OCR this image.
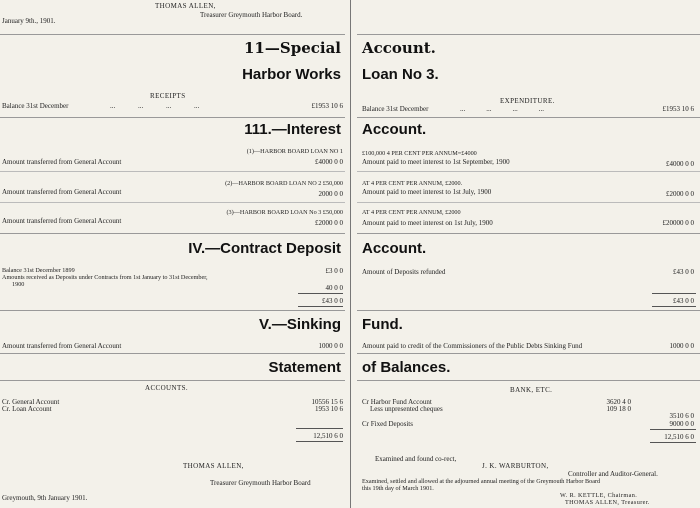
THOMAS ALLEN,
Treasurer Greymouth Harbor Board.
January 9th., 1901.
11—Special Account.
Harbor Works Loan No 3.
RECEIPTS
EXPENDITURE.
Balance 31st December	...             ...             ...             ...	£1953 10 6	Balance 31st December	...            ...            ...            ...	£1953 10 6
111.—Interest Account.
(1)—HARBOR BOARD LOAN NO 1	£100,000 4 PER CENT PER ANNUM=£4000
Amount transferred from General Account	£4000 0 0	Amount paid to meet interest to 1st September, 1900	£4000 0 0
(2)—HARBOR BOARD LOAN NO 2 £50,000	AT 4 PER CENT PER ANNUM, £2000.
Amount transferred from General Account	2000 0 0	Amount paid to meet interest to 1st July, 1900	£2000 0 0
(3)—HARBOR BOARD LOAN No 3 £50,000	AT 4 PER CENT PER ANNUM, £2000
Amount transferred from General Account	£2000 0 0	Amount paid to meet interest on 1st July, 1900	£20000 0 0
IV.—Contract Deposit Account.
Balance 31st December 1899	£3 0 0
Amounts received as Deposits under Contracts from 1st January to 31st December,
1900	40 0 0
£43 0 0
Amount of Deposits refunded	£43 0 0
£43 0 0
V.—Sinking Fund.
Amount transferred from General Account	1000 0 0	Amount paid to credit of the Commissioners of the Public Debts Sinking Fund	1000 0 0
Statement of Balances.
ACCOUNTS.	BANK, ETC.
Cr. General Account	10556 15 6
Cr. Loan Account	1953 10 6
12,510 6 0
Cr Harbor Fund Account	3620 4 0
Less unpresented cheques	109 18 0
3510 6 0
Cr Fixed Deposits	9000 0 0
12,510 6 0
THOMAS ALLEN,
Treasurer Greymouth Harbor Board
Greymouth, 9th January 1901.
Examined and found co-rect,
J. K. WARBURTON,
Controller and Auditor-General.
Examined, settled and allowed at the adjourned annual meeting of the Greymouth Harbor Board
this 19th day of March 1901.
W. R. KETTLE, Chairman.
THOMAS ALLEN, Treasurer.
